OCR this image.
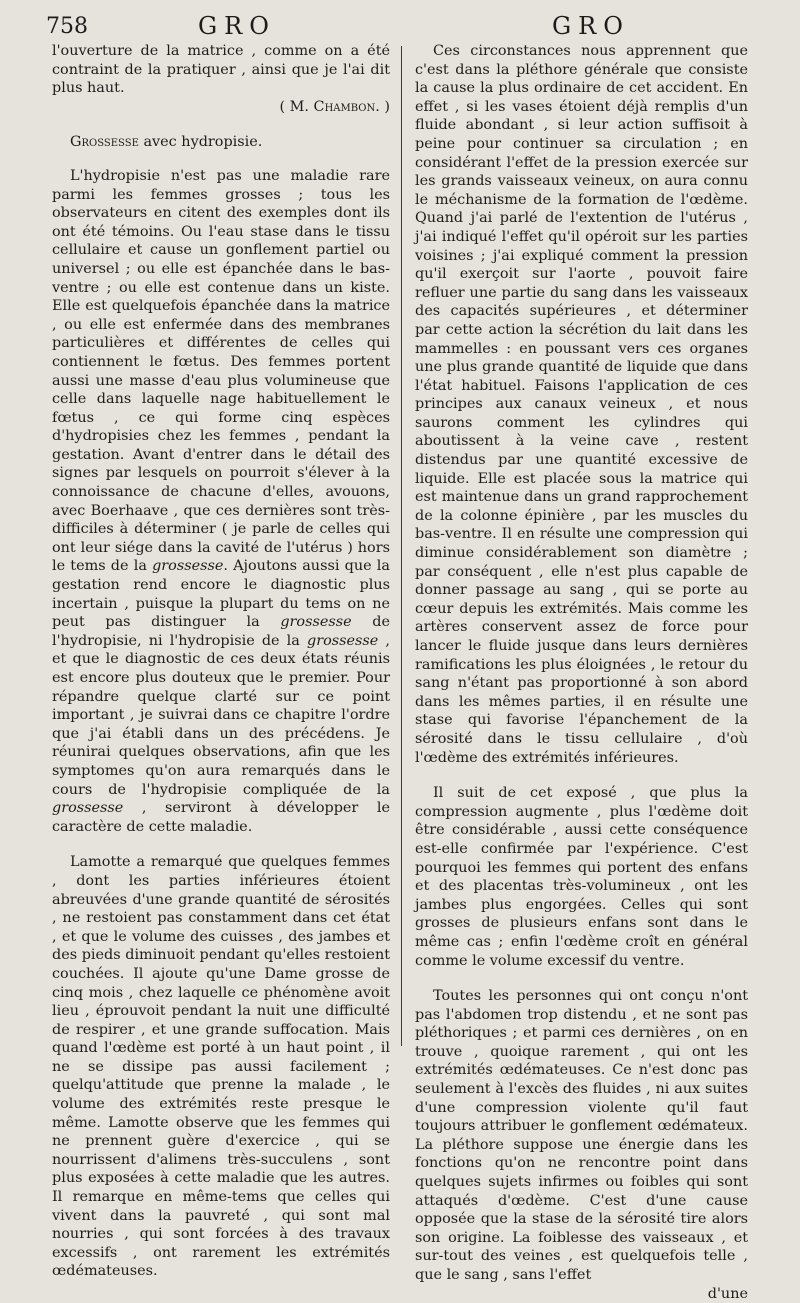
758	GRO	GRO

l'ouverture de la matrice , comme on a été contraint de la pratiquer , ainsi que je l'ai dit plus haut.

( M. Chambon. )
Grossesse avec hydropisie.

L'hydropisie n'est pas une maladie rare parmi les femmes grosses ; tous les observateurs en citent des exemples dont ils ont été témoins. Ou l'eau stase dans le tissu cellulaire et cause un gonflement partiel ou universel ; ou elle est épanchée dans le bas-ventre ; ou elle est contenue dans un kiste. Elle est quelquefois épanchée dans la matrice , ou elle est enfermée dans des membranes particulières et différentes de celles qui contiennent le fœtus. Des femmes portent aussi une masse d'eau plus volumineuse que celle dans laquelle nage habituellement le fœtus , ce qui forme cinq espèces d'hydropisies chez les femmes , pendant la gestation. Avant d'entrer dans le détail des signes par lesquels on pourroit s'élever à la connoissance de chacune d'elles, avouons, avec Boerhaave , que ces dernières sont très-difficiles à déterminer ( je parle de celles qui ont leur siége dans la cavité de l'utérus ) hors le tems de la grossesse. Ajoutons aussi que la gestation rend encore le diagnostic plus incertain , puisque la plupart du tems on ne peut pas distinguer la grossesse de l'hydropisie, ni l'hydropisie de la grossesse , et que le diagnostic de ces deux états réunis est encore plus douteux que le premier. Pour répandre quelque clarté sur ce point important , je suivrai dans ce chapitre l'ordre que j'ai établi dans un des précédens. Je réunirai quelques observations, afin que les symptomes qu'on aura remarqués dans le cours de l'hydropisie compliquée de la grossesse , serviront à développer le caractère de cette maladie.

Lamotte a remarqué que quelques femmes , dont les parties inférieures étoient abreuvées d'une grande quantité de sérosités , ne restoient pas constamment dans cet état , et que le volume des cuisses , des jambes et des pieds diminuoit pendant qu'elles restoient couchées. Il ajoute qu'une Dame grosse de cinq mois , chez laquelle ce phénomène avoit lieu , éprouvoit pendant la nuit une difficulté de respirer , et une grande suffocation. Mais quand l'œdème est porté à un haut point , il ne se dissipe pas aussi facilement ; quelqu'attitude que prenne la malade , le volume des extrémités reste presque le même. Lamotte observe que les femmes qui ne prennent guère d'exercice , qui se nourrissent d'alimens très-succulens , sont plus exposées à cette maladie que les autres. Il remarque en même-tems que celles qui vivent dans la pauvreté , qui sont mal nourries , qui sont forcées à des travaux excessifs , ont rarement les extrémités œdémateuses.

Ces circonstances nous apprennent que c'est dans la pléthore générale que consiste la cause la plus ordinaire de cet accident. En effet , si les vases étoient déjà remplis d'un fluide abondant , si leur action suffisoit à peine pour continuer sa circulation ; en considérant l'effet de la pression exercée sur les grands vaisseaux veineux, on aura connu le méchanisme de la formation de l'œdème. Quand j'ai parlé de l'extention de l'utérus , j'ai indiqué l'effet qu'il opéroit sur les parties voisines ; j'ai expliqué comment la pression qu'il exerçoit sur l'aorte , pouvoit faire refluer une partie du sang dans les vaisseaux des capacités supérieures , et déterminer par cette action la sécrétion du lait dans les mammelles : en poussant vers ces organes une plus grande quantité de liquide que dans l'état habituel. Faisons l'application de ces principes aux canaux veineux , et nous saurons comment les cylindres qui aboutissent à la veine cave , restent distendus par une quantité excessive de liquide. Elle est placée sous la matrice qui est maintenue dans un grand rapprochement de la colonne épinière , par les muscles du bas-ventre. Il en résulte une compression qui diminue considérablement son diamètre ; par conséquent , elle n'est plus capable de donner passage au sang , qui se porte au cœur depuis les extrémités. Mais comme les artères conservent assez de force pour lancer le fluide jusque dans leurs dernières ramifications les plus éloignées , le retour du sang n'étant pas proportionné à son abord dans les mêmes parties, il en résulte une stase qui favorise l'épanchement de la sérosité dans le tissu cellulaire , d'où l'œdème des extrémités inférieures.

Il suit de cet exposé , que plus la compression augmente , plus l'œdème doit être considérable , aussi cette conséquence est-elle confirmée par l'expérience. C'est pourquoi les femmes qui portent des enfans et des placentas très-volumineux , ont les jambes plus engorgées. Celles qui sont grosses de plusieurs enfans sont dans le même cas ; enfin l'œdème croît en général comme le volume excessif du ventre.

Toutes les personnes qui ont conçu n'ont pas l'abdomen trop distendu , et ne sont pas pléthoriques ; et parmi ces dernières , on en trouve , quoique rarement , qui ont les extrémités œdémateuses. Ce n'est donc pas seulement à l'excès des fluides , ni aux suites d'une compression violente qu'il faut toujours attribuer le gonflement œdémateux. La pléthore suppose une énergie dans les fonctions qu'on ne rencontre point dans quelques sujets infirmes ou foibles qui sont attaqués d'œdème. C'est d'une cause opposée que la stase de la sérosité tire alors son origine. La foiblesse des vaisseaux , et sur-tout des veines , est quelquefois telle , que le sang , sans l'effet

d'une
